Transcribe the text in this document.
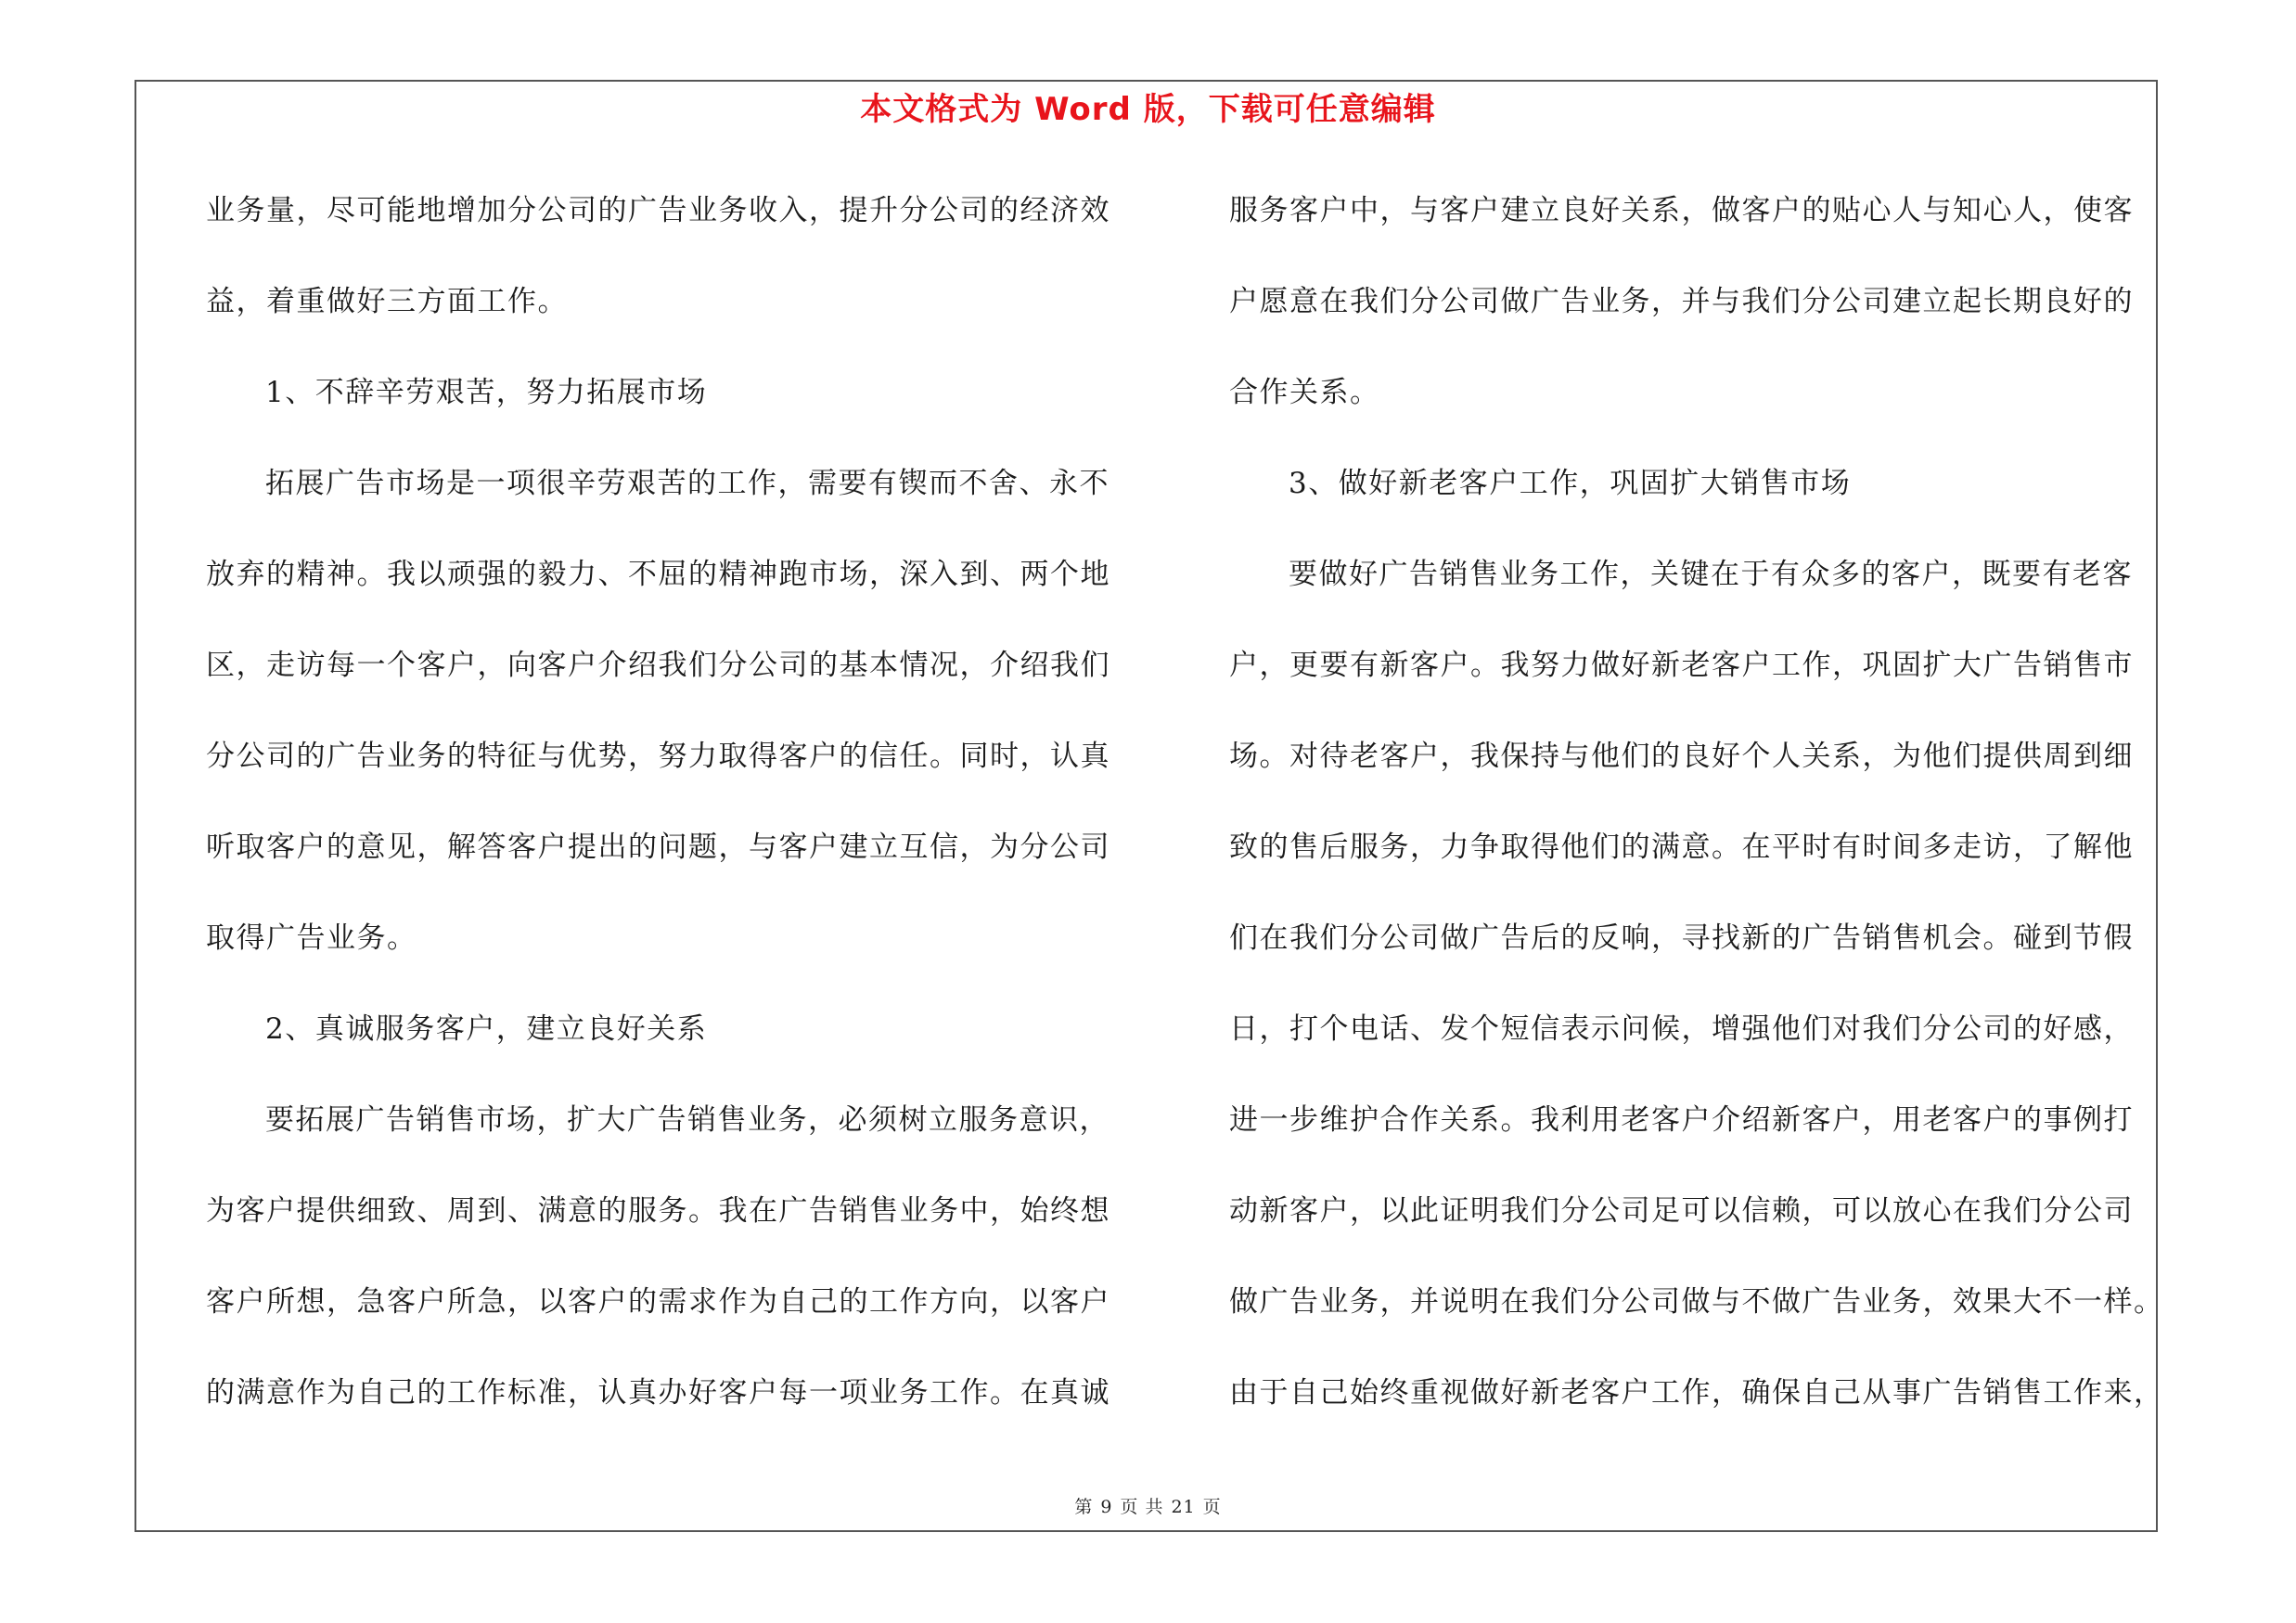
本文格式为 Word 版，下载可任意编辑
业务量，尽可能地增加分公司的广告业务收入，提升分公司的经济效
益，着重做好三方面工作。
1、不辞辛劳艰苦，努力拓展市场
拓展广告市场是一项很辛劳艰苦的工作，需要有锲而不舍、永不
放弃的精神。我以顽强的毅力、不屈的精神跑市场，深入到、两个地
区，走访每一个客户，向客户介绍我们分公司的基本情况，介绍我们
分公司的广告业务的特征与优势，努力取得客户的信任。同时，认真
听取客户的意见，解答客户提出的问题，与客户建立互信，为分公司
取得广告业务。
2、真诚服务客户，建立良好关系
要拓展广告销售市场，扩大广告销售业务，必须树立服务意识，
为客户提供细致、周到、满意的服务。我在广告销售业务中，始终想
客户所想，急客户所急，以客户的需求作为自己的工作方向，以客户
的满意作为自己的工作标准，认真办好客户每一项业务工作。在真诚
服务客户中，与客户建立良好关系，做客户的贴心人与知心人，使客
户愿意在我们分公司做广告业务，并与我们分公司建立起长期良好的
合作关系。
3、做好新老客户工作，巩固扩大销售市场
要做好广告销售业务工作，关键在于有众多的客户，既要有老客
户，更要有新客户。我努力做好新老客户工作，巩固扩大广告销售市
场。对待老客户，我保持与他们的良好个人关系，为他们提供周到细
致的售后服务，力争取得他们的满意。在平时有时间多走访，了解他
们在我们分公司做广告后的反响，寻找新的广告销售机会。碰到节假
日，打个电话、发个短信表示问候，增强他们对我们分公司的好感，
进一步维护合作关系。我利用老客户介绍新客户，用老客户的事例打
动新客户，以此证明我们分公司足可以信赖，可以放心在我们分公司
做广告业务，并说明在我们分公司做与不做广告业务，效果大不一样。
由于自己始终重视做好新老客户工作，确保自己从事广告销售工作来，
第 9 页 共 21 页
